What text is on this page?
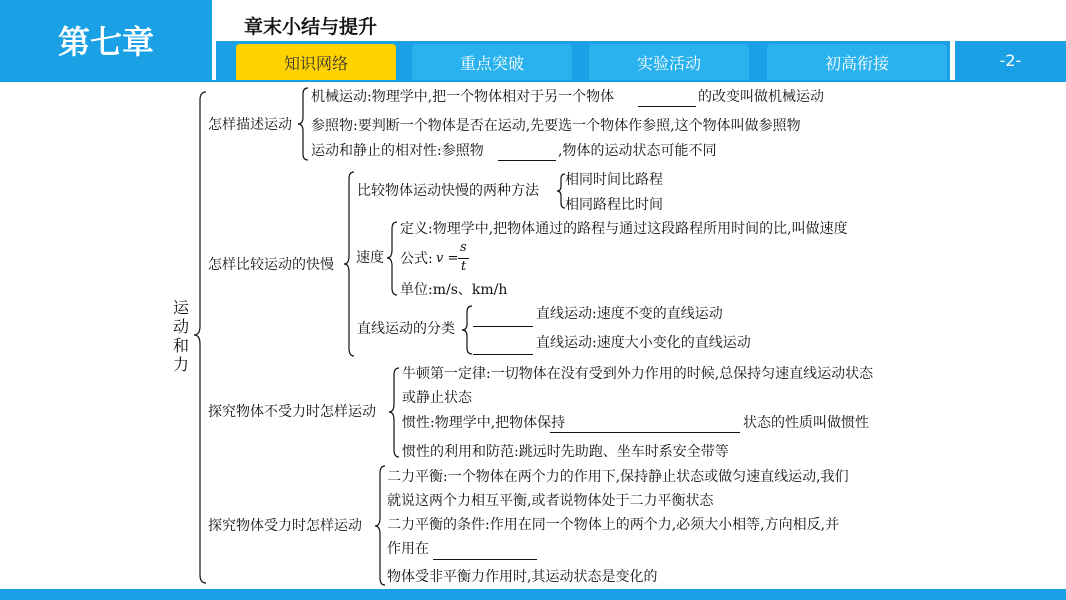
第七章	章末小结与提升
知识网络	重点突破	实验活动	初高衔接	-2-
运动和力
怎样描述运动
机械运动:物理学中,把一个物体相对于另一个物体	的改变叫做机械运动
参照物:要判断一个物体是否在运动,先要选一个物体作参照,这个物体叫做参照物
运动和静止的相对性:参照物	,物体的运动状态可能不同
怎样比较运动的快慢
比较物体运动快慢的两种方法
相同时间比路程
相同路程比时间
速度
定义:物理学中,把物体通过的路程与通过这段路程所用时间的比,叫做速度
公式: v =
s
t
单位:m/s、km/h
直线运动的分类
直线运动:速度不变的直线运动
直线运动:速度大小变化的直线运动
探究物体不受力时怎样运动
牛顿第一定律:一切物体在没有受到外力作用的时候,总保持匀速直线运动状态
或静止状态
惯性:物理学中,把物体保持	状态的性质叫做惯性
惯性的利用和防范:跳远时先助跑、坐车时系安全带等
探究物体受力时怎样运动
二力平衡:一个物体在两个力的作用下,保持静止状态或做匀速直线运动,我们
就说这两个力相互平衡,或者说物体处于二力平衡状态
二力平衡的条件:作用在同一个物体上的两个力,必须大小相等,方向相反,并
作用在
物体受非平衡力作用时,其运动状态是变化的
